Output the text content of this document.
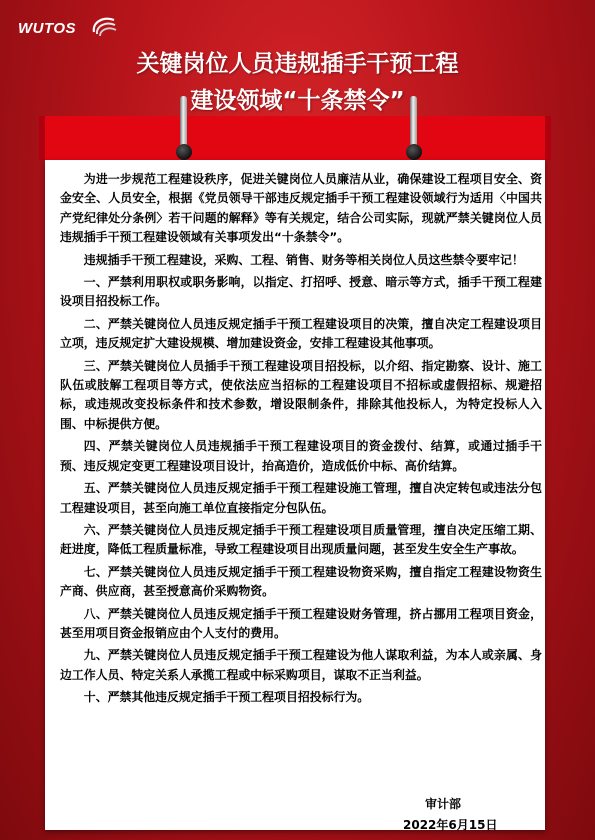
WUTOS
关键岗位人员违规插手干预工程
建设领域“十条禁令”

为进一步规范工程建设秩序，促进关键岗位人员廉洁从业，确保建设工程项目安全、资金安全、人员安全，根据《党员领导干部违反规定插手干预工程建设领域行为适用〈中国共产党纪律处分条例〉若干问题的解释》等有关规定，结合公司实际，现就严禁关键岗位人员违规插手干预工程建设领域有关事项发出“十条禁令”。

违规插手干预工程建设，采购、工程、销售、财务等相关岗位人员这些禁令要牢记！

一、严禁利用职权或职务影响，以指定、打招呼、授意、暗示等方式，插手干预工程建设项目招投标工作。

二、严禁关键岗位人员违反规定插手干预工程建设项目的决策，擅自决定工程建设项目立项，违反规定扩大建设规模、增加建设资金，安排工程建设其他事项。

三、严禁关键岗位人员插手干预工程建设项目招投标，以介绍、指定勘察、设计、施工队伍或肢解工程项目等方式，使依法应当招标的工程建设项目不招标或虚假招标、规避招标，或违规改变投标条件和技术参数，增设限制条件，排除其他投标人，为特定投标人入围、中标提供方便。

四、严禁关键岗位人员违规插手干预工程建设项目的资金拨付、结算，或通过插手干预、违反规定变更工程建设项目设计，抬高造价，造成低价中标、高价结算。

五、严禁关键岗位人员违反规定插手干预工程建设施工管理，擅自决定转包或违法分包工程建设项目，甚至向施工单位直接指定分包队伍。

六、严禁关键岗位人员违反规定插手干预工程建设项目质量管理，擅自决定压缩工期、赶进度，降低工程质量标准，导致工程建设项目出现质量问题，甚至发生安全生产事故。

七、严禁关键岗位人员违反规定插手干预工程建设物资采购，擅自指定工程建设物资生产商、供应商，甚至授意高价采购物资。

八、严禁关键岗位人员违反规定插手干预工程建设财务管理，挤占挪用工程项目资金，甚至用项目资金报销应由个人支付的费用。

九、严禁关键岗位人员违反规定插手干预工程建设为他人谋取利益，为本人或亲属、身边工作人员、特定关系人承揽工程或中标采购项目，谋取不正当利益。

十、严禁其他违反规定插手干预工程项目招投标行为。

审计部
2022年6月15日
